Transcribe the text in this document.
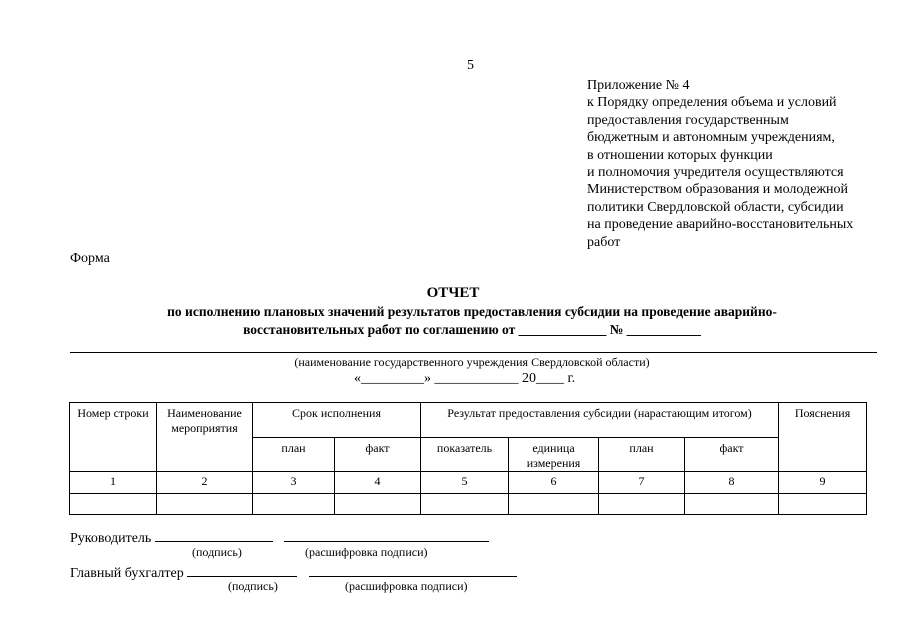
5
Приложение № 4
к Порядку определения объема и условий
предоставления государственным
бюджетным и автономным учреждениям,
в отношении которых функции
и полномочия учредителя осуществляются
Министерством образования и молодежной
политики Свердловской области, субсидии
на проведение аварийно-восстановительных
работ
Форма
ОТЧЕТ
по исполнению плановых значений результатов предоставления субсидии на проведение аварийно-
восстановительных работ по соглашению от _____________ № ___________
(наименование государственного учреждения Свердловской области)
«_________» ____________ 20____ г.
Номер строки	Наименование мероприятия	Срок исполнения		Результат предоставления субсидии (нарастающим итогом)				Пояснения
		план	факт	показатель	единица измерения	план	факт	
1	2	3	4	5	6	7	8	9

Руководитель
(подпись)	(расшифровка подписи)
Главный бухгалтер
(подпись)	(расшифровка подписи)
